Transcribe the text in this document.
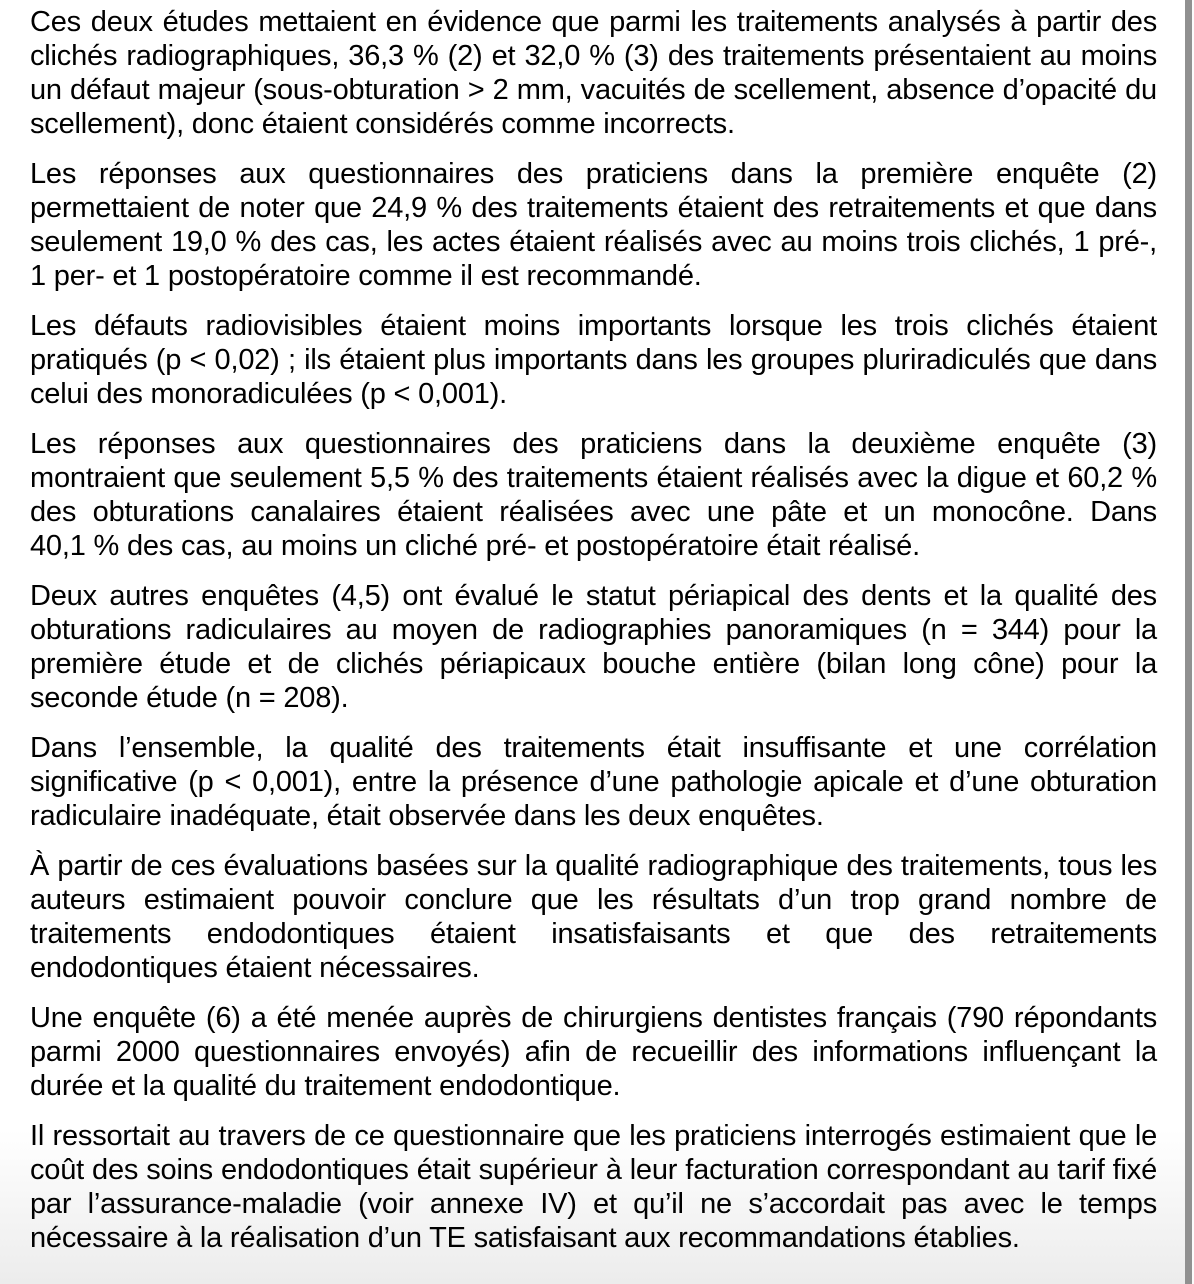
Ces deux études mettaient en évidence que parmi les traitements analysés à partir des clichés radiographiques, 36,3 % (2) et 32,0 % (3) des traitements présentaient au moins un défaut majeur (sous-obturation > 2 mm, vacuités de scellement, absence d’opacité du scellement), donc étaient considérés comme incorrects.

Les réponses aux questionnaires des praticiens dans la première enquête (2) permettaient de noter que 24,9 % des traitements étaient des retraitements et que dans seulement 19,0 % des cas, les actes étaient réalisés avec au moins trois clichés, 1 pré-, 1 per- et 1 postopératoire comme il est recommandé.

Les défauts radiovisibles étaient moins importants lorsque les trois clichés étaient pratiqués (p < 0,02) ; ils étaient plus importants dans les groupes pluriradiculés que dans celui des monoradiculées (p < 0,001).

Les réponses aux questionnaires des praticiens dans la deuxième enquête (3) montraient que seulement 5,5 % des traitements étaient réalisés avec la digue et 60,2 % des obturations canalaires étaient réalisées avec une pâte et un monocône. Dans 40,1 % des cas, au moins un cliché pré- et postopératoire était réalisé.

Deux autres enquêtes (4,5) ont évalué le statut périapical des dents et la qualité des obturations radiculaires au moyen de radiographies panoramiques (n = 344) pour la première étude et de clichés périapicaux bouche entière (bilan long cône) pour la seconde étude (n = 208).

Dans l’ensemble, la qualité des traitements était insuffisante et une corrélation significative (p < 0,001), entre la présence d’une pathologie apicale et d’une obturation radiculaire inadéquate, était observée dans les deux enquêtes.

À partir de ces évaluations basées sur la qualité radiographique des traitements, tous les auteurs estimaient pouvoir conclure que les résultats d’un trop grand nombre de traitements endodontiques étaient insatisfaisants et que des retraitements endodontiques étaient nécessaires.

Une enquête (6) a été menée auprès de chirurgiens dentistes français (790 répondants parmi 2000 questionnaires envoyés) afin de recueillir des informations influençant la durée et la qualité du traitement endodontique.

Il ressortait au travers de ce questionnaire que les praticiens interrogés estimaient que le coût des soins endodontiques était supérieur à leur facturation correspondant au tarif fixé par l’assurance-maladie (voir annexe IV) et qu’il ne s’accordait pas avec le temps nécessaire à la réalisation d’un TE satisfaisant aux recommandations établies.
